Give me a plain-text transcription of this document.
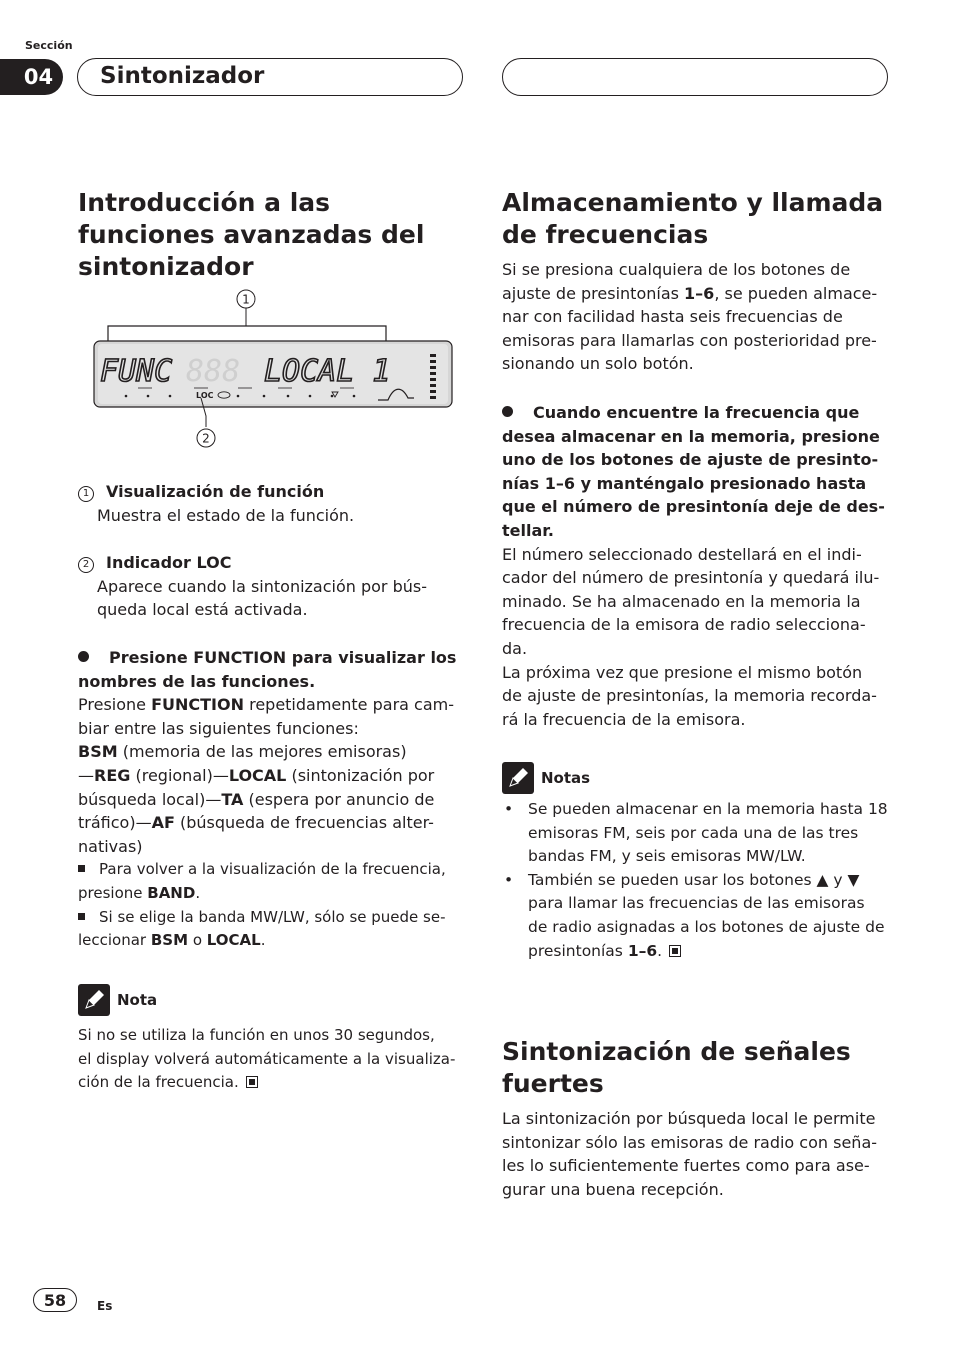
Sección
04	Sintonizador
Introducción a las funciones avanzadas del sintonizador
1
888
FUNC	LOCAL 1
LOC
2
1 Visualización de función
Muestra el estado de la función.
2 Indicador LOC
Aparece cuando la sintonización por bús-
queda local está activada.
Presione FUNCTION para visualizar los
nombres de las funciones.
Presione FUNCTION repetidamente para cam-
biar entre las siguientes funciones:
BSM (memoria de las mejores emisoras)
—REG (regional)—LOCAL (sintonización por
búsqueda local)—TA (espera por anuncio de
tráfico)—AF (búsqueda de frecuencias alter-
nativas)
Para volver a la visualización de la frecuencia,
presione BAND.
Si se elige la banda MW/LW, sólo se puede se-
leccionar BSM o LOCAL.
Nota
Si no se utiliza la función en unos 30 segundos,
el display volverá automáticamente a la visualiza-
ción de la frecuencia.
Almacenamiento y llamada de frecuencias
Si se presiona cualquiera de los botones de
ajuste de presintonías 1–6, se pueden almace-
nar con facilidad hasta seis frecuencias de
emisoras para llamarlas con posterioridad pre-
sionando un solo botón.
Cuando encuentre la frecuencia que
desea almacenar en la memoria, presione
uno de los botones de ajuste de presinto-
nías 1–6 y manténgalo presionado hasta
que el número de presintonía deje de des-
tellar.
El número seleccionado destellará en el indi-
cador del número de presintonía y quedará ilu-
minado. Se ha almacenado en la memoria la
frecuencia de la emisora de radio selecciona-
da.
La próxima vez que presione el mismo botón
de ajuste de presintonías, la memoria recorda-
rá la frecuencia de la emisora.
Notas
• Se pueden almacenar en la memoria hasta 18
emisoras FM, seis por cada una de las tres
bandas FM, y seis emisoras MW/LW.
• También se pueden usar los botones ▲ y ▼
para llamar las frecuencias de las emisoras
de radio asignadas a los botones de ajuste de
presintonías 1–6.
Sintonización de señales fuertes
La sintonización por búsqueda local le permite
sintonizar sólo las emisoras de radio con seña-
les lo suficientemente fuertes como para ase-
gurar una buena recepción.
58	Es
